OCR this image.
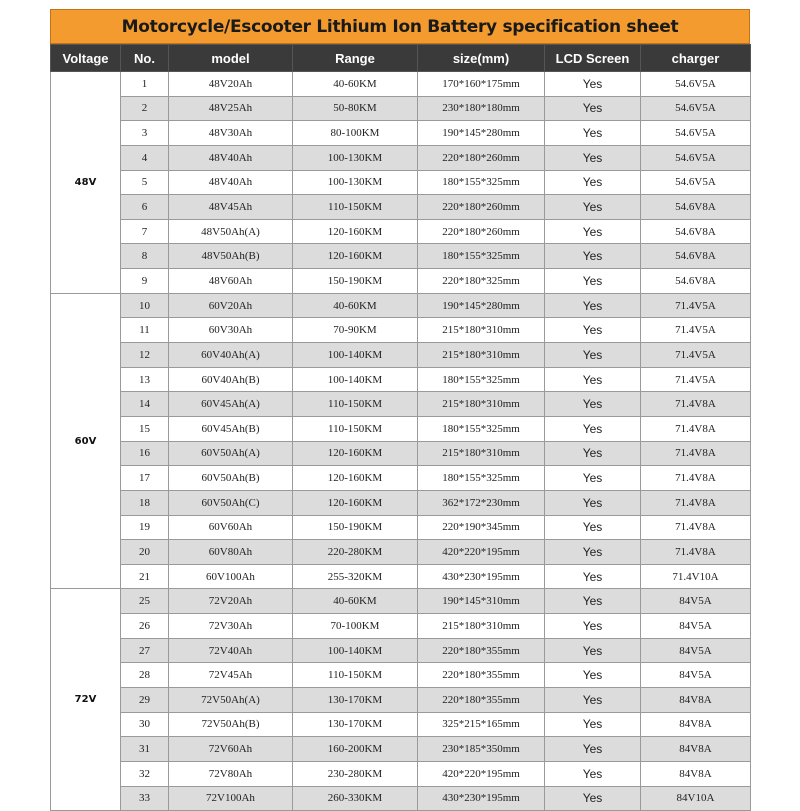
Motorcycle/Escooter Lithium Ion Battery specification sheet
Voltage	No.	model	Range	size(mm)	LCD Screen	charger
48V	1	48V20Ah	40-60KM	170*160*175mm	Yes	54.6V5A
	2	48V25Ah	50-80KM	230*180*180mm	Yes	54.6V5A
	3	48V30Ah	80-100KM	190*145*280mm	Yes	54.6V5A
	4	48V40Ah	100-130KM	220*180*260mm	Yes	54.6V5A
	5	48V40Ah	100-130KM	180*155*325mm	Yes	54.6V5A
	6	48V45Ah	110-150KM	220*180*260mm	Yes	54.6V8A
	7	48V50Ah(A)	120-160KM	220*180*260mm	Yes	54.6V8A
	8	48V50Ah(B)	120-160KM	180*155*325mm	Yes	54.6V8A
	9	48V60Ah	150-190KM	220*180*325mm	Yes	54.6V8A
60V	10	60V20Ah	40-60KM	190*145*280mm	Yes	71.4V5A
	11	60V30Ah	70-90KM	215*180*310mm	Yes	71.4V5A
	12	60V40Ah(A)	100-140KM	215*180*310mm	Yes	71.4V5A
	13	60V40Ah(B)	100-140KM	180*155*325mm	Yes	71.4V5A
	14	60V45Ah(A)	110-150KM	215*180*310mm	Yes	71.4V8A
	15	60V45Ah(B)	110-150KM	180*155*325mm	Yes	71.4V8A
	16	60V50Ah(A)	120-160KM	215*180*310mm	Yes	71.4V8A
	17	60V50Ah(B)	120-160KM	180*155*325mm	Yes	71.4V8A
	18	60V50Ah(C)	120-160KM	362*172*230mm	Yes	71.4V8A
	19	60V60Ah	150-190KM	220*190*345mm	Yes	71.4V8A
	20	60V80Ah	220-280KM	420*220*195mm	Yes	71.4V8A
	21	60V100Ah	255-320KM	430*230*195mm	Yes	71.4V10A
72V	25	72V20Ah	40-60KM	190*145*310mm	Yes	84V5A
	26	72V30Ah	70-100KM	215*180*310mm	Yes	84V5A
	27	72V40Ah	100-140KM	220*180*355mm	Yes	84V5A
	28	72V45Ah	110-150KM	220*180*355mm	Yes	84V5A
	29	72V50Ah(A)	130-170KM	220*180*355mm	Yes	84V8A
	30	72V50Ah(B)	130-170KM	325*215*165mm	Yes	84V8A
	31	72V60Ah	160-200KM	230*185*350mm	Yes	84V8A
	32	72V80Ah	230-280KM	420*220*195mm	Yes	84V8A
	33	72V100Ah	260-330KM	430*230*195mm	Yes	84V10A
